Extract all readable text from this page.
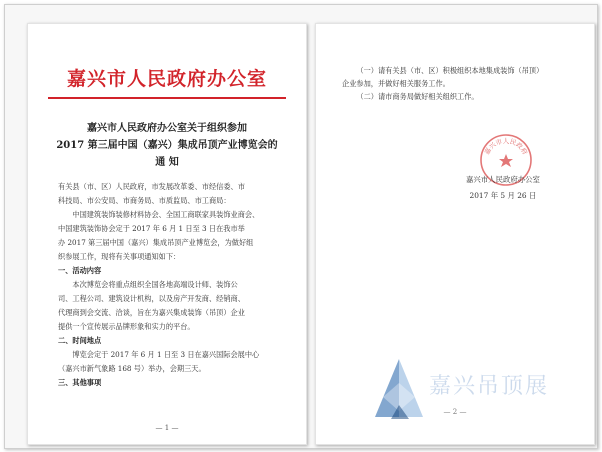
嘉兴市人民政府办公室
嘉兴市人民政府办公室关于组织参加
2017 第三届中国（嘉兴）集成吊顶产业博览会的
通 知

有关县（市、区）人民政府，市发展改革委、市经信委、市

科技局、市公安局、市商务局、市质监局、市工商局：

中国建筑装饰装修材料协会、全国工商联家具装饰业商会、

中国建筑装饰协会定于 2017 年 6 月 1 日至 3 日在我市举

办 2017 第三届中国（嘉兴）集成吊顶产业博览会，为做好组

织参展工作，现将有关事项通知如下：

一、活动内容

本次博览会将重点组织全国各地高端设计师、装饰公

司、工程公司、建筑设计机构，以及房产开发商、经销商、

代理商到会交流、洽谈，旨在为嘉兴集成装饰（吊顶）企业

提供一个宣传展示品牌形象和实力的平台。

二、时间地点

博览会定于 2017 年 6 月 1 日至 3 日在嘉兴国际会展中心

（嘉兴市新气象路 168 号）举办，会期三天。

三、其他事项

— 1 —

（一）请有关县（市、区）积极组织本地集成装饰（吊顶）

企业参加，并做好相关服务工作。

（二）请市商务局做好相关组织工作。

嘉兴市人民政府
嘉兴市人民政府办公室
2017 年 5 月 26 日
— 2 —
嘉兴吊顶展
